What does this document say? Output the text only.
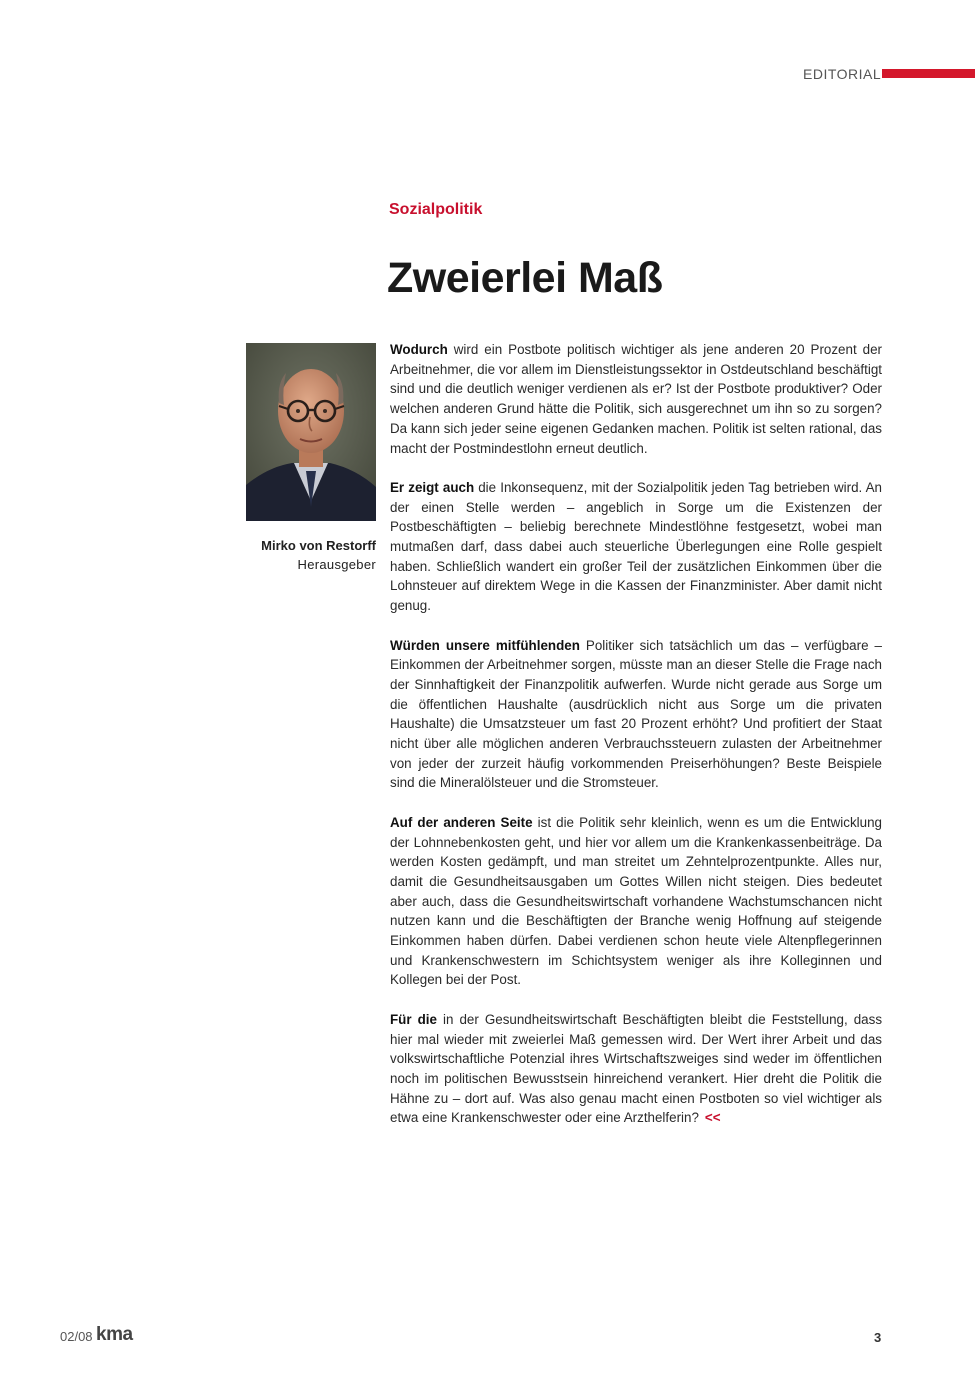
EDITORIAL
Sozialpolitik
Zweierlei Maß
Mirko von Restorff
Herausgeber

Wodurch wird ein Postbote politisch wichtiger als jene anderen 20 Prozent der Arbeitnehmer, die vor allem im Dienstleistungssektor in Ostdeutschland beschäftigt sind und die deutlich weniger verdienen als er? Ist der Postbote produktiver? Oder welchen anderen Grund hätte die Politik, sich ausgerechnet um ihn so zu sorgen? Da kann sich jeder seine eigenen Gedanken machen. Politik ist selten rational, das macht der Postmindestlohn erneut deutlich.

Er zeigt auch die Inkonsequenz, mit der Sozialpolitik jeden Tag betrieben wird. An der einen Stelle werden – angeblich in Sorge um die Existenzen der Postbeschäftigten – beliebig berechnete Mindestlöhne festgesetzt, wobei man mutmaßen darf, dass dabei auch steuerliche Überlegungen eine Rolle gespielt haben. Schließlich wandert ein großer Teil der zusätzlichen Einkommen über die Lohnsteuer auf direktem Wege in die Kassen der Finanzminister. Aber damit nicht genug.

Würden unsere mitfühlenden Politiker sich tatsächlich um das – verfügbare – Einkommen der Arbeitnehmer sorgen, müsste man an dieser Stelle die Frage nach der Sinnhaftigkeit der Finanzpolitik aufwerfen. Wurde nicht gerade aus Sorge um die öffentlichen Haushalte (ausdrücklich nicht aus Sorge um die privaten Haushalte) die Umsatzsteuer um fast 20 Prozent erhöht? Und profitiert der Staat nicht über alle möglichen anderen Verbrauchssteuern zulasten der Arbeitnehmer von jeder der zurzeit häufig vorkommenden Preiserhöhungen? Beste Beispiele sind die Mineralölsteuer und die Stromsteuer.

Auf der anderen Seite ist die Politik sehr kleinlich, wenn es um die Entwicklung der Lohnnebenkosten geht, und hier vor allem um die Krankenkassenbeiträge. Da werden Kosten gedämpft, und man streitet um Zehntelprozentpunkte. Alles nur, damit die Gesundheitsausgaben um Gottes Willen nicht steigen. Dies bedeutet aber auch, dass die Gesundheitswirtschaft vorhandene Wachstumschancen nicht nutzen kann und die Beschäftigten der Branche wenig Hoffnung auf steigende Einkommen haben dürfen. Dabei verdienen schon heute viele Altenpflegerinnen und Krankenschwestern im Schichtsystem weniger als ihre Kolleginnen und Kollegen bei der Post.

Für die in der Gesundheitswirtschaft Beschäftigten bleibt die Feststellung, dass hier mal wieder mit zweierlei Maß gemessen wird. Der Wert ihrer Arbeit und das volkswirtschaftliche Potenzial ihres Wirtschaftszweiges sind weder im öffentlichen noch im politischen Bewusstsein hinreichend verankert. Hier dreht die Politik die Hähne zu – dort auf. Was also genau macht einen Postboten so viel wichtiger als etwa eine Krankenschwester oder eine Arzthelferin? <<

02/08 kma	3
